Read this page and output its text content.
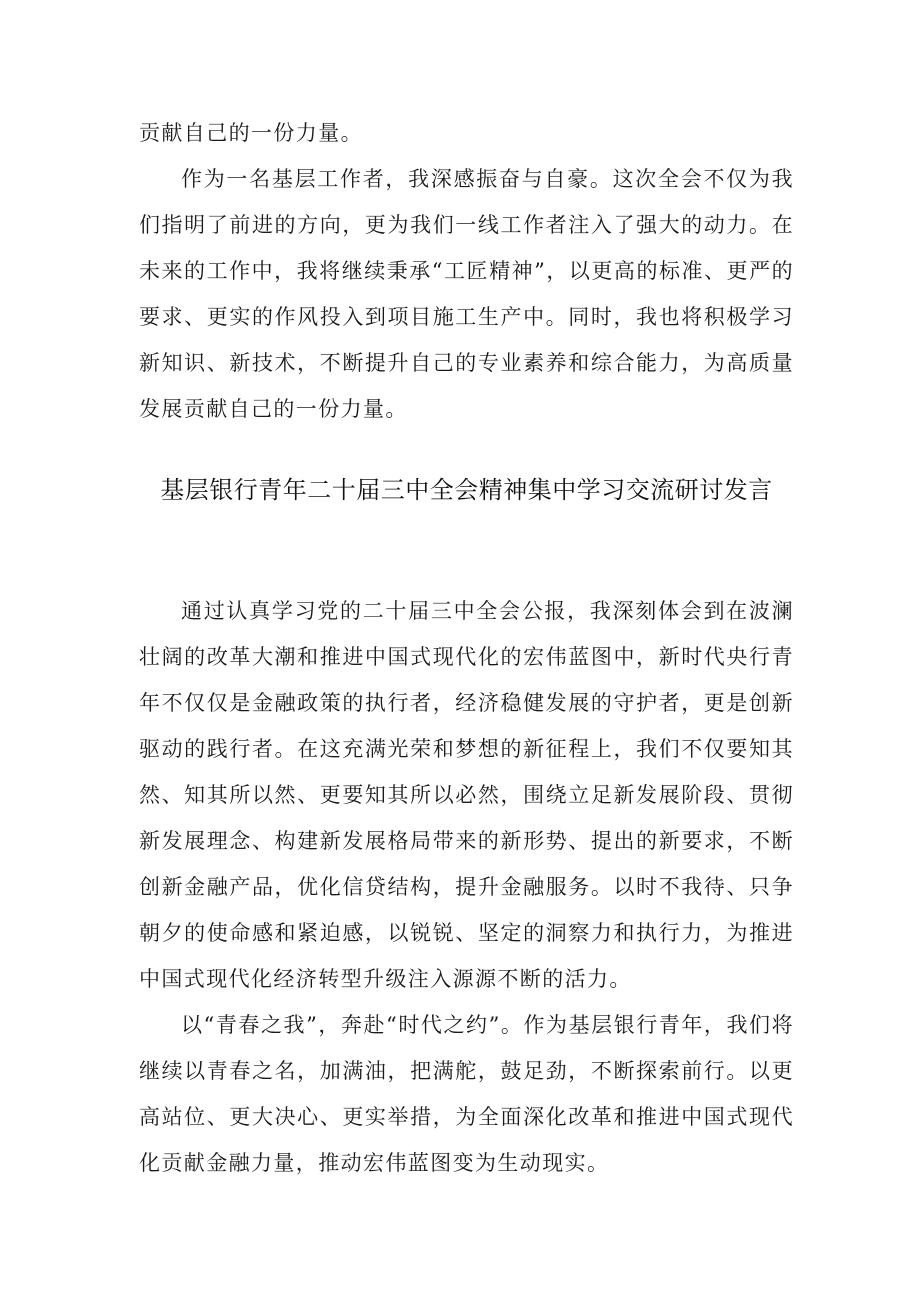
贡献自己的一份力量。

作为一名基层工作者，我深感振奋与自豪。这次全会不仅为我们指明了前进的方向，更为我们一线工作者注入了强大的动力。在未来的工作中，我将继续秉承“工匠精神”，以更高的标准、更严的要求、更实的作风投入到项目施工生产中。同时，我也将积极学习新知识、新技术，不断提升自己的专业素养和综合能力，为高质量发展贡献自己的一份力量。

基层银行青年二十届三中全会精神集中学习交流研讨发言

通过认真学习党的二十届三中全会公报，我深刻体会到在波澜壮阔的改革大潮和推进中国式现代化的宏伟蓝图中，新时代央行青年不仅仅是金融政策的执行者，经济稳健发展的守护者，更是创新驱动的践行者。在这充满光荣和梦想的新征程上，我们不仅要知其然、知其所以然、更要知其所以必然，围绕立足新发展阶段、贯彻新发展理念、构建新发展格局带来的新形势、提出的新要求，不断创新金融产品，优化信贷结构，提升金融服务。以时不我待、只争朝夕的使命感和紧迫感，以锐锐、坚定的洞察力和执行力，为推进中国式现代化经济转型升级注入源源不断的活力。

以“青春之我”，奔赴“时代之约”。作为基层银行青年，我们将继续以青春之名，加满油，把满舵，鼓足劲，不断探索前行。以更高站位、更大决心、更实举措，为全面深化改革和推进中国式现代化贡献金融力量，推动宏伟蓝图变为生动现实。
